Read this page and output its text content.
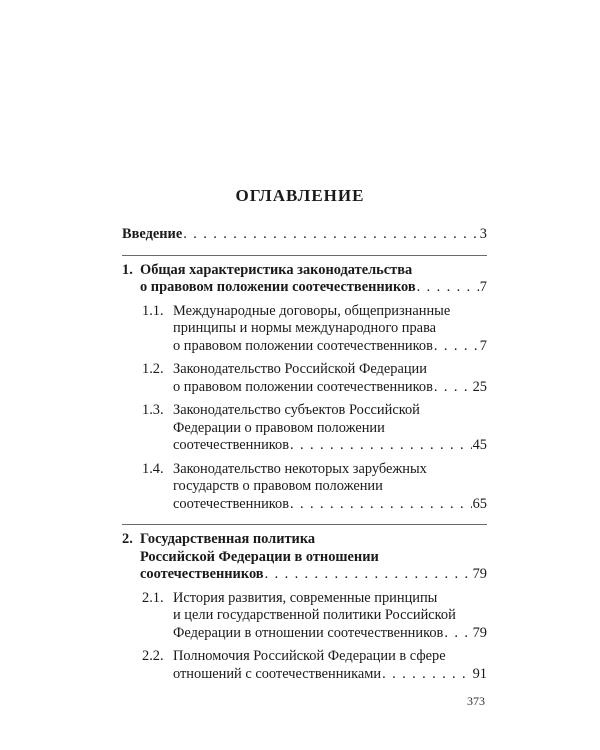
ОГЛАВЛЕНИЕ
Введение . . .	3
1. Общая характеристика законодательства
о правовом положении соотечественников . . .	7
1.1. Международные договоры, общепризнанные
принципы и нормы международного права
о правовом положении соотечественников . . .	7
1.2. Законодательство Российской Федерации
о правовом положении соотечественников . . .	25
1.3. Законодательство субъектов Российской
Федерации о правовом положении
соотечественников . . .	45
1.4. Законодательство некоторых зарубежных
государств о правовом положении
соотечественников . . .	65
2. Государственная политика
Российской Федерации в отношении
соотечественников . . .	79
2.1. История развития, современные принципы
и цели государственной политики Российской
Федерации в отношении соотечественников . . . 79
2.2. Полномочия Российской Федерации в сфере
отношений с соотечественниками . . .	91
373
